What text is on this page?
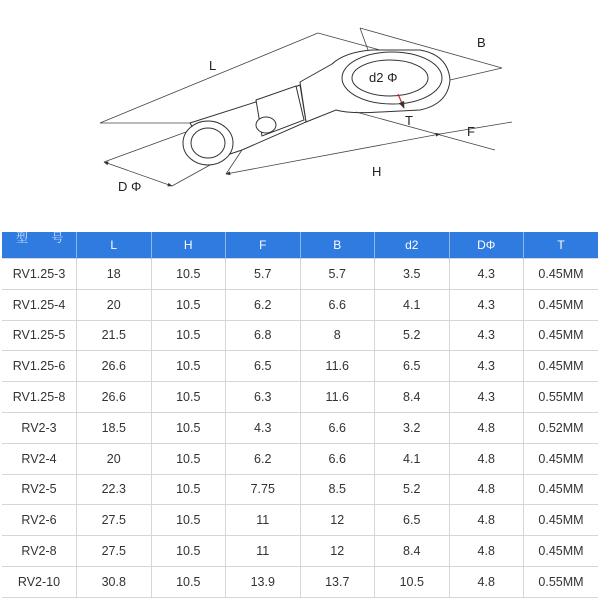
L
B
d2 Φ
T
F
H
D Φ
型 号	L	H	F	B	d2	DΦ	T
RV1.25-3	18	10.5	5.7	5.7	3.5	4.3	0.45MM
RV1.25-4	20	10.5	6.2	6.6	4.1	4.3	0.45MM
RV1.25-5	21.5	10.5	6.8	8	5.2	4.3	0.45MM
RV1.25-6	26.6	10.5	6.5	11.6	6.5	4.3	0.45MM
RV1.25-8	26.6	10.5	6.3	11.6	8.4	4.3	0.55MM
RV2-3	18.5	10.5	4.3	6.6	3.2	4.8	0.52MM
RV2-4	20	10.5	6.2	6.6	4.1	4.8	0.45MM
RV2-5	22.3	10.5	7.75	8.5	5.2	4.8	0.45MM
RV2-6	27.5	10.5	11	12	6.5	4.8	0.45MM
RV2-8	27.5	10.5	11	12	8.4	4.8	0.45MM
RV2-10	30.8	10.5	13.9	13.7	10.5	4.8	0.55MM
